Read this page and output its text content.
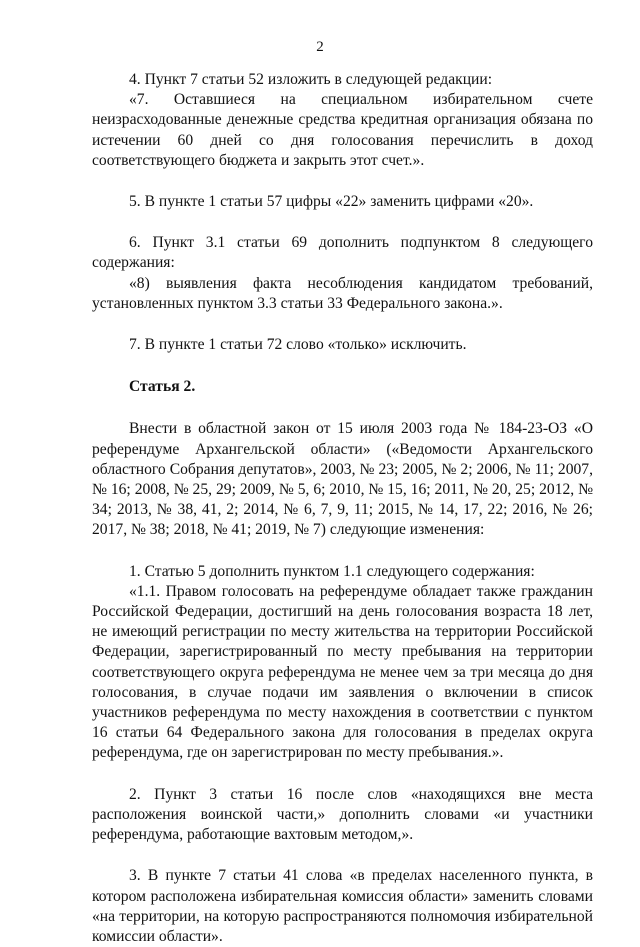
2

4. Пункт 7 статьи 52 изложить в следующей редакции:

«7. Оставшиеся на специальном избирательном счете неизрасходованные денежные средства кредитная организация обязана по истечении 60 дней со дня голосования перечислить в доход соответствующего бюджета и закрыть этот счет.».

5. В пункте 1 статьи 57 цифры «22» заменить цифрами «20».

6. Пункт 3.1 статьи 69 дополнить подпунктом 8 следующего содержания:

«8) выявления факта несоблюдения кандидатом требований, установленных пунктом 3.3 статьи 33 Федерального закона.».

7. В пункте 1 статьи 72 слово «только» исключить.

Статья 2.

Внести в областной закон от 15 июля 2003 года № 184-23-ОЗ «О референдуме Архангельской области» («Ведомости Архангельского областного Собрания депутатов», 2003, № 23; 2005, № 2; 2006, № 11; 2007, № 16; 2008, № 25, 29; 2009, № 5, 6; 2010, № 15, 16; 2011, № 20, 25; 2012, № 34; 2013, № 38, 41, 2; 2014, № 6, 7, 9, 11; 2015, № 14, 17, 22; 2016, № 26; 2017, № 38; 2018, № 41; 2019, № 7) следующие изменения:

1. Статью 5 дополнить пунктом 1.1 следующего содержания:

«1.1. Правом голосовать на референдуме обладает также гражданин Российской Федерации, достигший на день голосования возраста 18 лет, не имеющий регистрации по месту жительства на территории Российской Федерации, зарегистрированный по месту пребывания на территории соответствующего округа референдума не менее чем за три месяца до дня голосования, в случае подачи им заявления о включении в список участников референдума по месту нахождения в соответствии с пунктом 16 статьи 64 Федерального закона для голосования в пределах округа референдума, где он зарегистрирован по месту пребывания.».

2. Пункт 3 статьи 16 после слов «находящихся вне места расположения воинской части,» дополнить словами «и участники референдума, работающие вахтовым методом,».

3. В пункте 7 статьи 41 слова «в пределах населенного пункта, в котором расположена избирательная комиссия области» заменить словами «на территории, на которую распространяются полномочия избирательной комиссии области».
